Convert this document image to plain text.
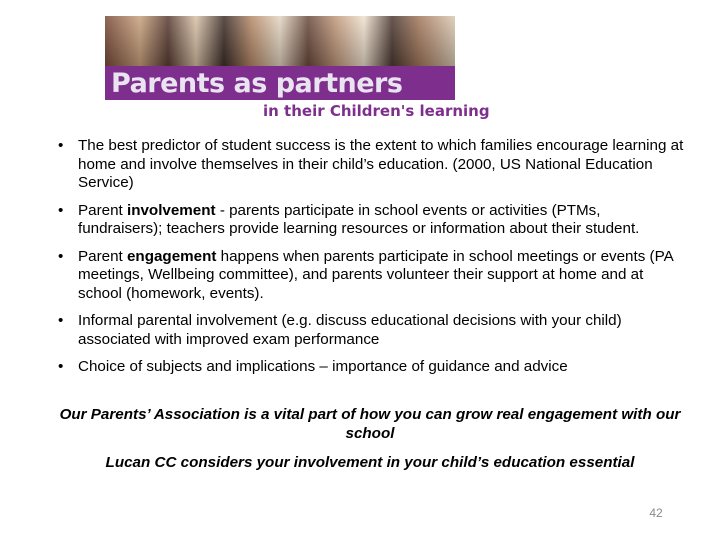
Parents as partners
in their Children's learning
• The best predictor of student success is the extent to which families encourage learning at home and involve themselves in their child’s education. (2000, US National Education Service)
• Parent involvement - parents participate in school events or activities (PTMs, fundraisers); teachers provide learning resources or information about their student.
• Parent engagement happens when parents participate in school meetings or events (PA meetings, Wellbeing committee), and parents volunteer their support at home and at school (homework, events).
• Informal parental involvement (e.g. discuss educational decisions with your child) associated with improved exam performance
• Choice of subjects and implications – importance of guidance and advice

Our Parents’ Association is a vital part of how you can grow real engagement with our school

Lucan CC considers your involvement in your child’s education essential

42
